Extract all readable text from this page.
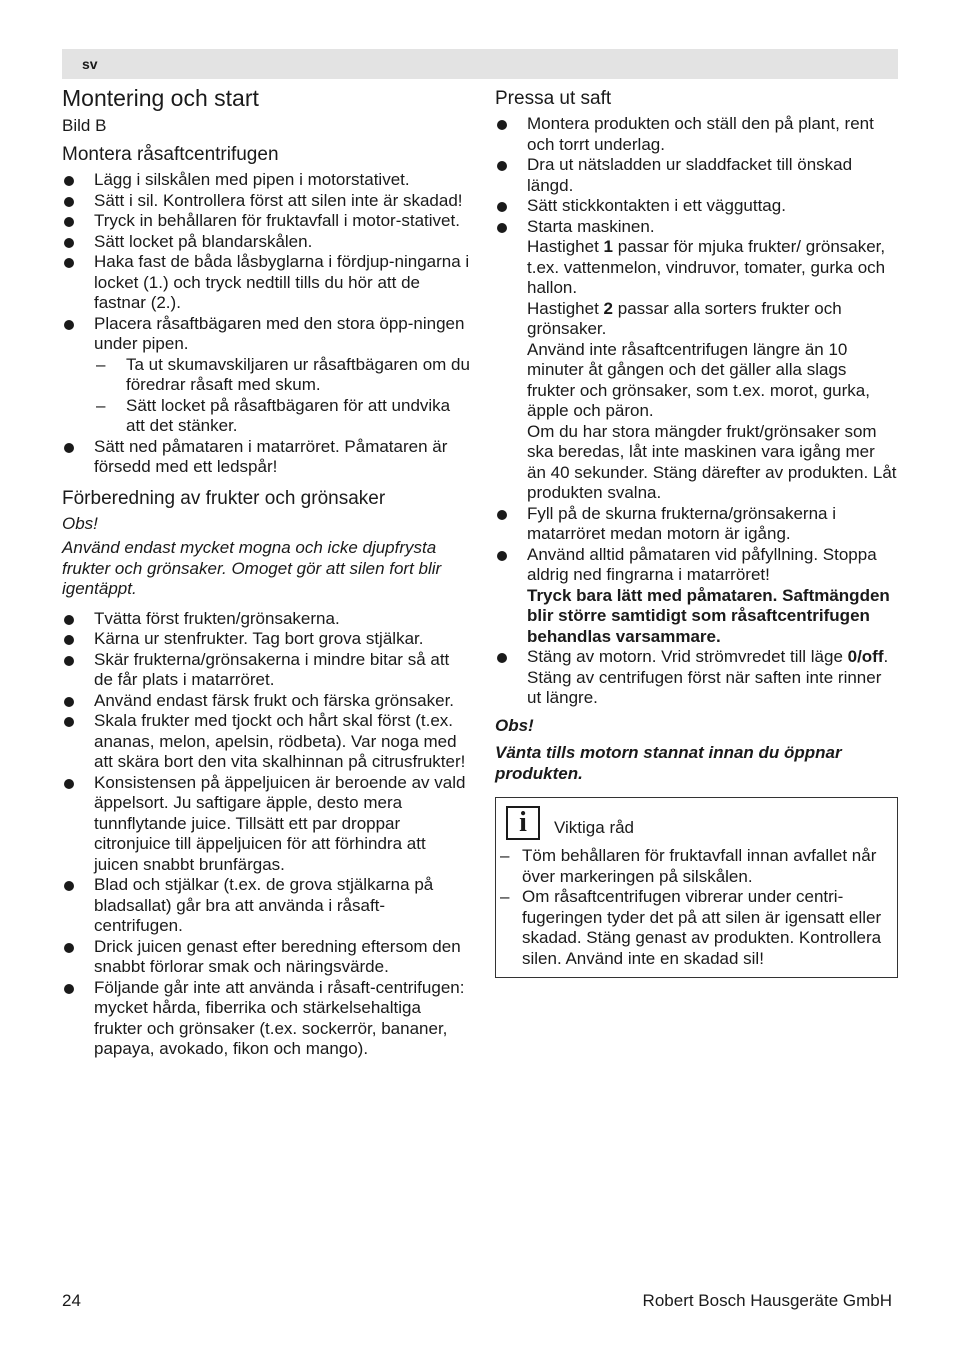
sv
Montering och start
Bild B
Montera råsaftcentrifugen
Lägg i silskålen med pipen i motorstativet.
Sätt i sil. Kontrollera först att silen inte är skadad!
Tryck in behållaren för fruktavfall i motor-stativet.
Sätt locket på blandarskålen.
Haka fast de båda låsbyglarna i fördjup-ningarna i locket (1.) och tryck nedtill tills du hör att de fastnar (2.).
Placera råsaftbägaren med den stora öpp-ningen under pipen.
– Ta ut skumavskiljaren ur råsaftbägaren om du föredrar råsaft med skum.
– Sätt locket på råsaftbägaren för att undvika att det stänker.
Sätt ned påmataren i matarröret. Påmataren är försedd med ett ledspår!
Förberedning av frukter och grönsaker

Obs!

Använd endast mycket mogna och icke djupfrysta frukter och grönsaker. Omoget gör att silen fort blir igentäppt.

Tvätta först frukten/grönsakerna.
Kärna ur stenfrukter. Tag bort grova stjälkar.
Skär frukterna/grönsakerna i mindre bitar så att de får plats i matarröret.
Använd endast färsk frukt och färska grönsaker.
Skala frukter med tjockt och hårt skal först (t.ex. ananas, melon, apelsin, rödbeta). Var noga med att skära bort den vita skalhinnan på citrusfrukter!
Konsistensen på äppeljuicen är beroende av vald äppelsort. Ju saftigare äpple, desto mera tunnflytande juice. Tillsätt ett par droppar citronjuice till äppeljuicen för att förhindra att juicen snabbt brunfärgas.
Blad och stjälkar (t.ex. de grova stjälkarna på bladsallat) går bra att använda i råsaft-centrifugen.
Drick juicen genast efter beredning eftersom den snabbt förlorar smak och näringsvärde.
Följande går inte att använda i råsaft-centrifugen: mycket hårda, fiberrika och stärkelsehaltiga frukter och grönsaker (t.ex. sockerrör, bananer, papaya, avokado, fikon och mango).
Pressa ut saft
Montera produkten och ställ den på plant, rent och torrt underlag.
Dra ut nätsladden ur sladdfacket till önskad längd.
Sätt stickkontakten i ett vägguttag.
Starta maskinen.
Hastighet 1 passar för mjuka frukter/ grönsaker, t.ex. vattenmelon, vindruvor, tomater, gurka och hallon.
Hastighet 2 passar alla sorters frukter och grönsaker.
Använd inte råsaftcentrifugen längre än 10 minuter åt gången och det gäller alla slags frukter och grönsaker, som t.ex. morot, gurka, äpple och päron.
Om du har stora mängder frukt/grönsaker som ska beredas, låt inte maskinen vara igång mer än 40 sekunder. Stäng därefter av produkten. Låt produkten svalna.
Fyll på de skurna frukterna/grönsakerna i matarröret medan motorn är igång.
Använd alltid påmataren vid påfyllning. Stoppa aldrig ned fingrarna i matarröret!
Tryck bara lätt med påmataren. Saftmängden blir större samtidigt som råsaftcentrifugen behandlas varsammare.
Stäng av motorn. Vrid strömvredet till läge 0/off.
Stäng av centrifugen först när saften inte rinner ut längre.

Obs!

Vänta tills motorn stannat innan du öppnar produkten.

i	Viktiga råd
– Töm behållaren för fruktavfall innan avfallet når över markeringen på silskålen.
– Om råsaftcentrifugen vibrerar under centri-fugeringen tyder det på att silen är igensatt eller skadad. Stäng genast av produkten. Kontrollera silen. Använd inte en skadad sil!
24	Robert Bosch Hausgeräte GmbH
